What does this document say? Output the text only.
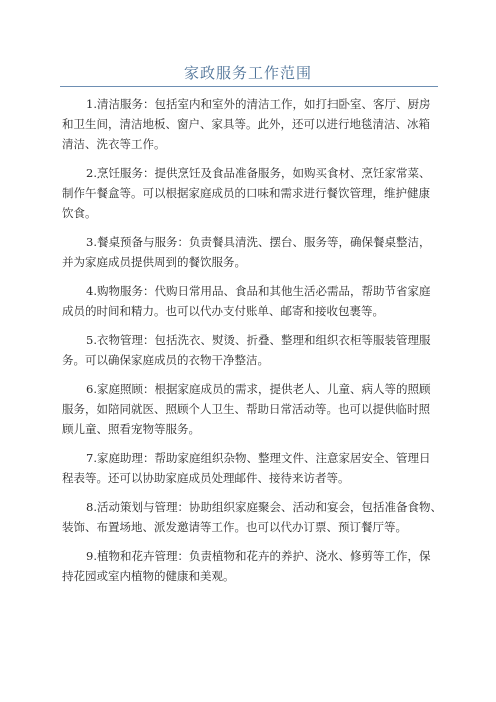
家政服务工作范围
1.清洁服务：包括室内和室外的清洁工作，如打扫卧室、客厅、厨房
和卫生间，清洁地板、窗户、家具等。此外，还可以进行地毯清洁、冰箱
清洁、洗衣等工作。
2.烹饪服务：提供烹饪及食品准备服务，如购买食材、烹饪家常菜、
制作午餐盒等。可以根据家庭成员的口味和需求进行餐饮管理，维护健康
饮食。
3.餐桌预备与服务：负责餐具清洗、摆台、服务等，确保餐桌整洁，
并为家庭成员提供周到的餐饮服务。
4.购物服务：代购日常用品、食品和其他生活必需品，帮助节省家庭
成员的时间和精力。也可以代办支付账单、邮寄和接收包裹等。
5.衣物管理：包括洗衣、熨烫、折叠、整理和组织衣柜等服装管理服
务。可以确保家庭成员的衣物干净整洁。
6.家庭照顾：根据家庭成员的需求，提供老人、儿童、病人等的照顾
服务，如陪同就医、照顾个人卫生、帮助日常活动等。也可以提供临时照
顾儿童、照看宠物等服务。
7.家庭助理：帮助家庭组织杂物、整理文件、注意家居安全、管理日
程表等。还可以协助家庭成员处理邮件、接待来访者等。
8.活动策划与管理：协助组织家庭聚会、活动和宴会，包括准备食物、
装饰、布置场地、派发邀请等工作。也可以代办订票、预订餐厅等。
9.植物和花卉管理：负责植物和花卉的养护、浇水、修剪等工作，保
持花园或室内植物的健康和美观。
